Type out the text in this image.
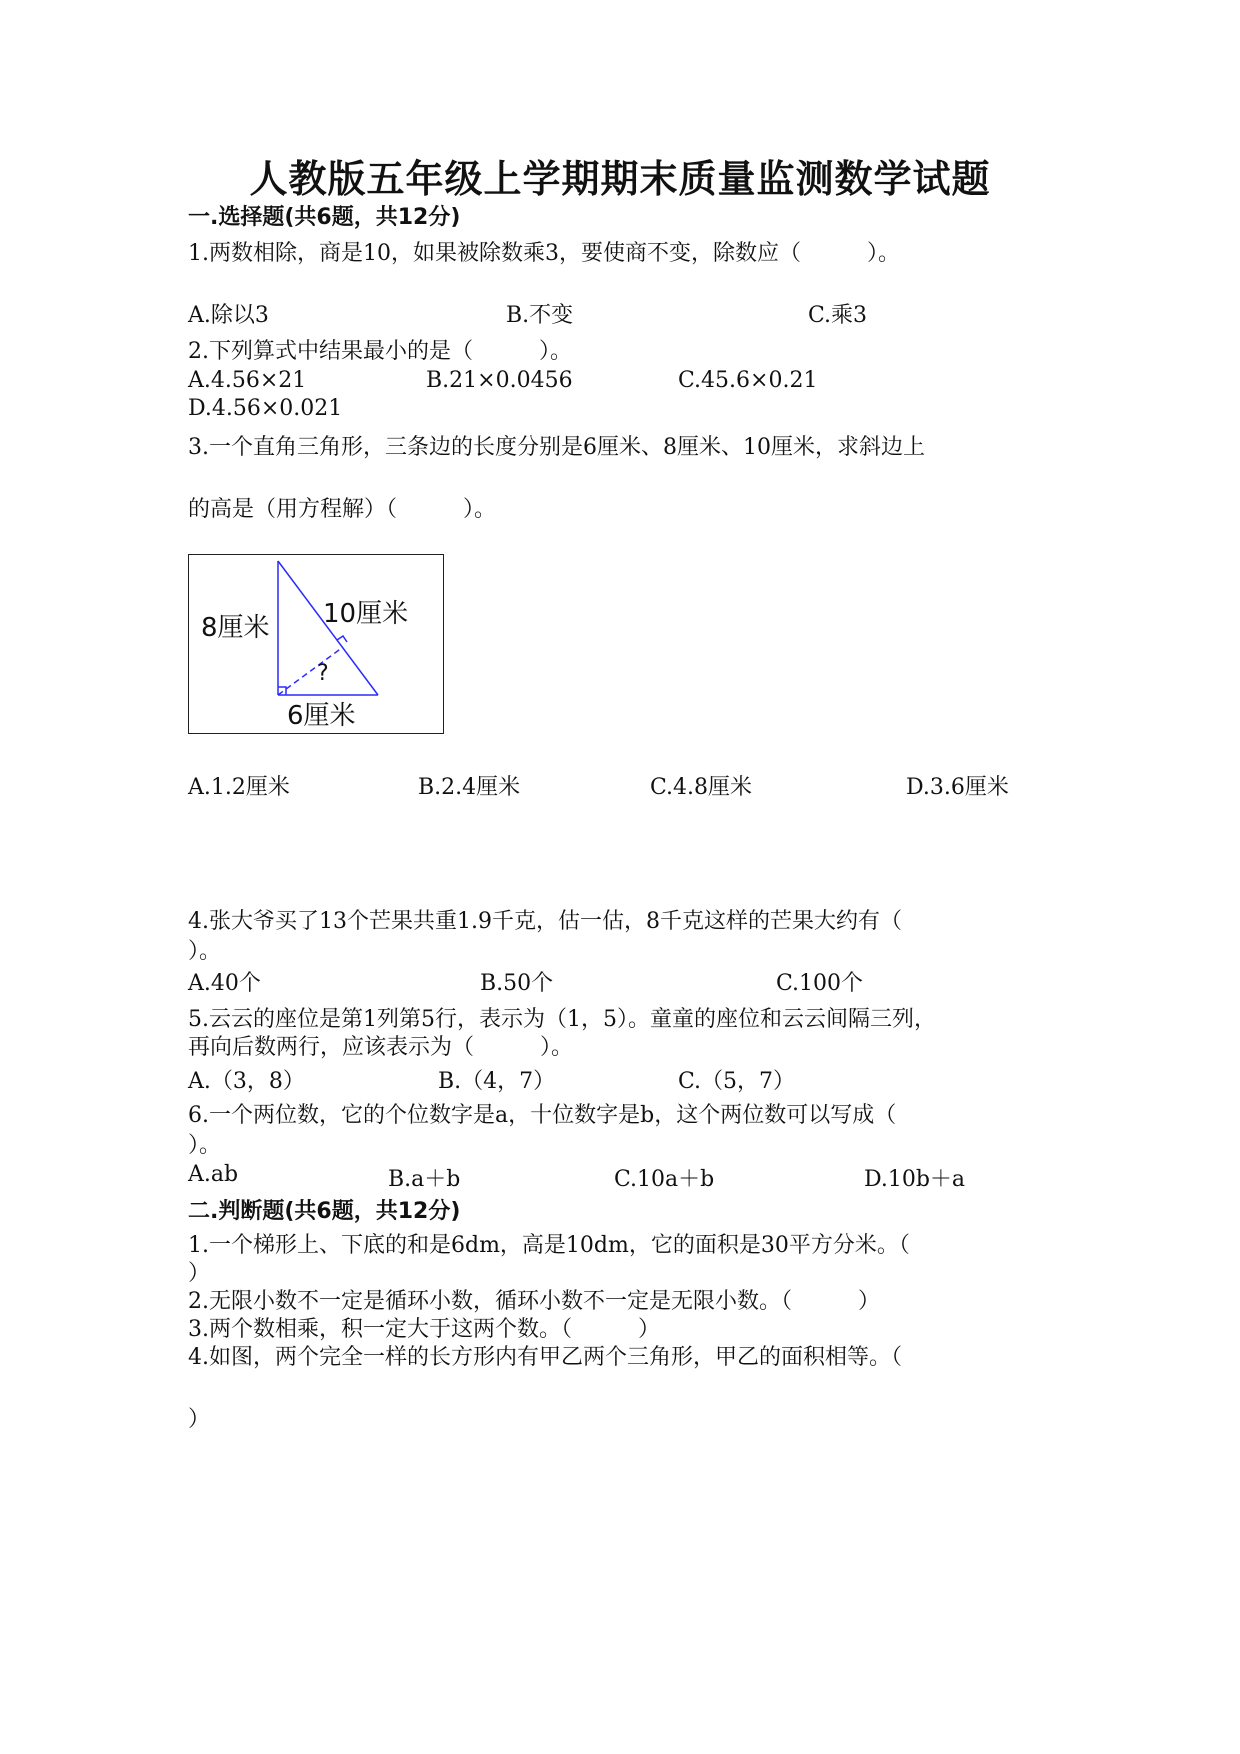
人教版五年级上学期期末质量监测数学试题
一.选择题(共6题，共12分)
1.两数相除，商是10，如果被除数乘3，要使商不变，除数应（　　　）。
A.除以3	B.不变	C.乘3
2.下列算式中结果最小的是（　　　）。
A.4.56×21	B.21×0.0456	C.45.6×0.21
D.4.56×0.021
3.一个直角三角形，三条边的长度分别是6厘米、8厘米、10厘米，求斜边上
的高是（用方程解）（　　　）。
8厘米 10厘米
?
6厘米
A.1.2厘米	B.2.4厘米	C.4.8厘米	D.3.6厘米
4.张大爷买了13个芒果共重1.9千克，估一估，8千克这样的芒果大约有（
）。
A.40个	B.50个	C.100个
5.云云的座位是第1列第5行，表示为（1，5）。童童的座位和云云间隔三列，
再向后数两行，应该表示为（　　　）。
A.（3，8）	B.（4，7）	C.（5，7）
6.一个两位数，它的个位数字是a，十位数字是b，这个两位数可以写成（
）。
A.ab	B.a＋b	C.10a＋b	D.10b＋a
二.判断题(共6题，共12分)
1.一个梯形上、下底的和是6dm，高是10dm，它的面积是30平方分米。（
）
2.无限小数不一定是循环小数，循环小数不一定是无限小数。（　　　）
3.两个数相乘，积一定大于这两个数。（　　　）
4.如图，两个完全一样的长方形内有甲乙两个三角形，甲乙的面积相等。（
）
